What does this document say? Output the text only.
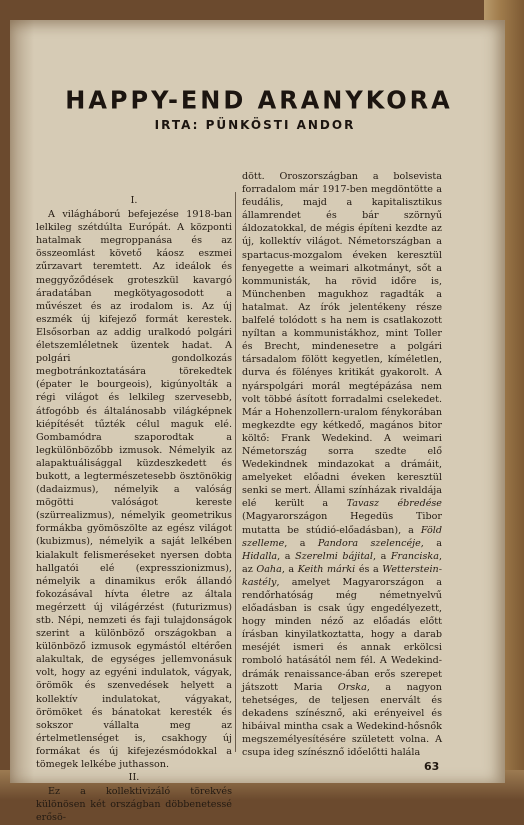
HAPPY-END ARANYKORA
IRTA: PÜNKÖSTI ANDOR

I.

A világháború befejezése 1918-ban lelkileg szétdúlta Európát. A központi hatalmak megroppanása és az összeomlást követő káosz eszmei zűrzavart teremtett. Az ideálok és meggyőződések groteszkül kavargó áradatában megkötyagosodott a művészet és az irodalom is. Az új eszmék új kifejező formát kerestek. Elsősorban az addig uralkodó polgári életszemléletnek üzentek hadat. A polgári gondolkozás megbotránkoztatására törekedtek (épater le bourgeois), kigúnyolták a régi világot és lelkileg szervesebb, átfogóbb és általánosabb világképnek kiépítését tűzték célul maguk elé. Gombamódra szaporodtak a legkülönbözőbb izmusok. Némelyik az alapaktuálisággal küzdeszkedett és bukott, a legtermészetesebb ösztönökig (dadaizmus), némelyik a valóság mögötti valóságot kereste (szürrealizmus), némelyik geometrikus formákba gyömöszölte az egész világot (kubizmus), némelyik a saját lelkében kialakult felismeréseket nyersen dobta hallgatói elé (expresszionizmus), némelyik a dinamikus erők állandó fokozásával hívta életre az általa megérzett új világérzést (futurizmus) stb. Népi, nemzeti és faji tulajdonságok szerint a különböző országokban a különböző izmusok egymástól eltérően alakultak, de egységes jellemvonásuk volt, hogy az egyéni indulatok, vágyak, örömök és szenvedések helyett a kollektív indulatokat, vágyakat, örömöket és bánatokat keresték és sokszor vállalta meg az értelmetlenséget is, csakhogy új formákat és új kifejezésmódokkal a tömegek lelkébe juthasson.

II.

Ez a kollektivizáló törekvés különösen két országban döbbenetessé erősö-

dött. Oroszországban a bolsevista forradalom már 1917-ben megdöntötte a feudális, majd a kapitalisztikus államrendet és bár szörnyű áldozatokkal, de mégis építeni kezdte az új, kollektív világot. Németországban a spartacus-mozgalom éveken keresztül fenyegette a weimari alkotmányt, sőt a kommunisták, ha rövid időre is, Münchenben magukhoz ragadták a hatalmat. Az írók jelentékeny része balfelé tolódott s ha nem is csatlakozott nyíltan a kommunistákhoz, mint Toller és Brecht, mindenesetre a polgári társadalom fölött kegyetlen, kíméletlen, durva és fölényes kritikát gyakorolt. A nyárspolgári morál megtépázása nem volt többé ásított forradalmi cselekedet. Már a Hohenzollern-uralom fénykorában megkezdte egy kétkedő, magános bitor költő: Frank Wedekind. A weimari Németország sorra szedte elő Wedekindnek mindazokat a drámáit, amelyeket előadni éveken keresztül senki se mert. Állami színházak rivaldája elé került a Tavasz ébredése (Magyarországon Hegedüs Tibor mutatta be stúdió-előadásban), a Föld szelleme, a Pandora szelencéje, a Hidalla, a Szerelmi bájital, a Franciska, az Oaha, a Keith márki és a Wetterstein-kastély, amelyet Magyarországon a rendőrhatóság még németnyelvű előadásban is csak úgy engedélyezett, hogy minden néző az előadás előtt írásban kinyilatkoztatta, hogy a darab meséjét ismeri és annak erkölcsi romboló hatásától nem fél. A Wedekind-drámák renaissance-ában erős szerepet játszott Maria Orska, a nagyon tehetséges, de teljesen enervált és dekadens színésznő, aki erényeivel és hibáival mintha csak a Wedekind-hősnők megszemélyesítésére született volna. A csupa ideg színésznő időelőtti halála

63
